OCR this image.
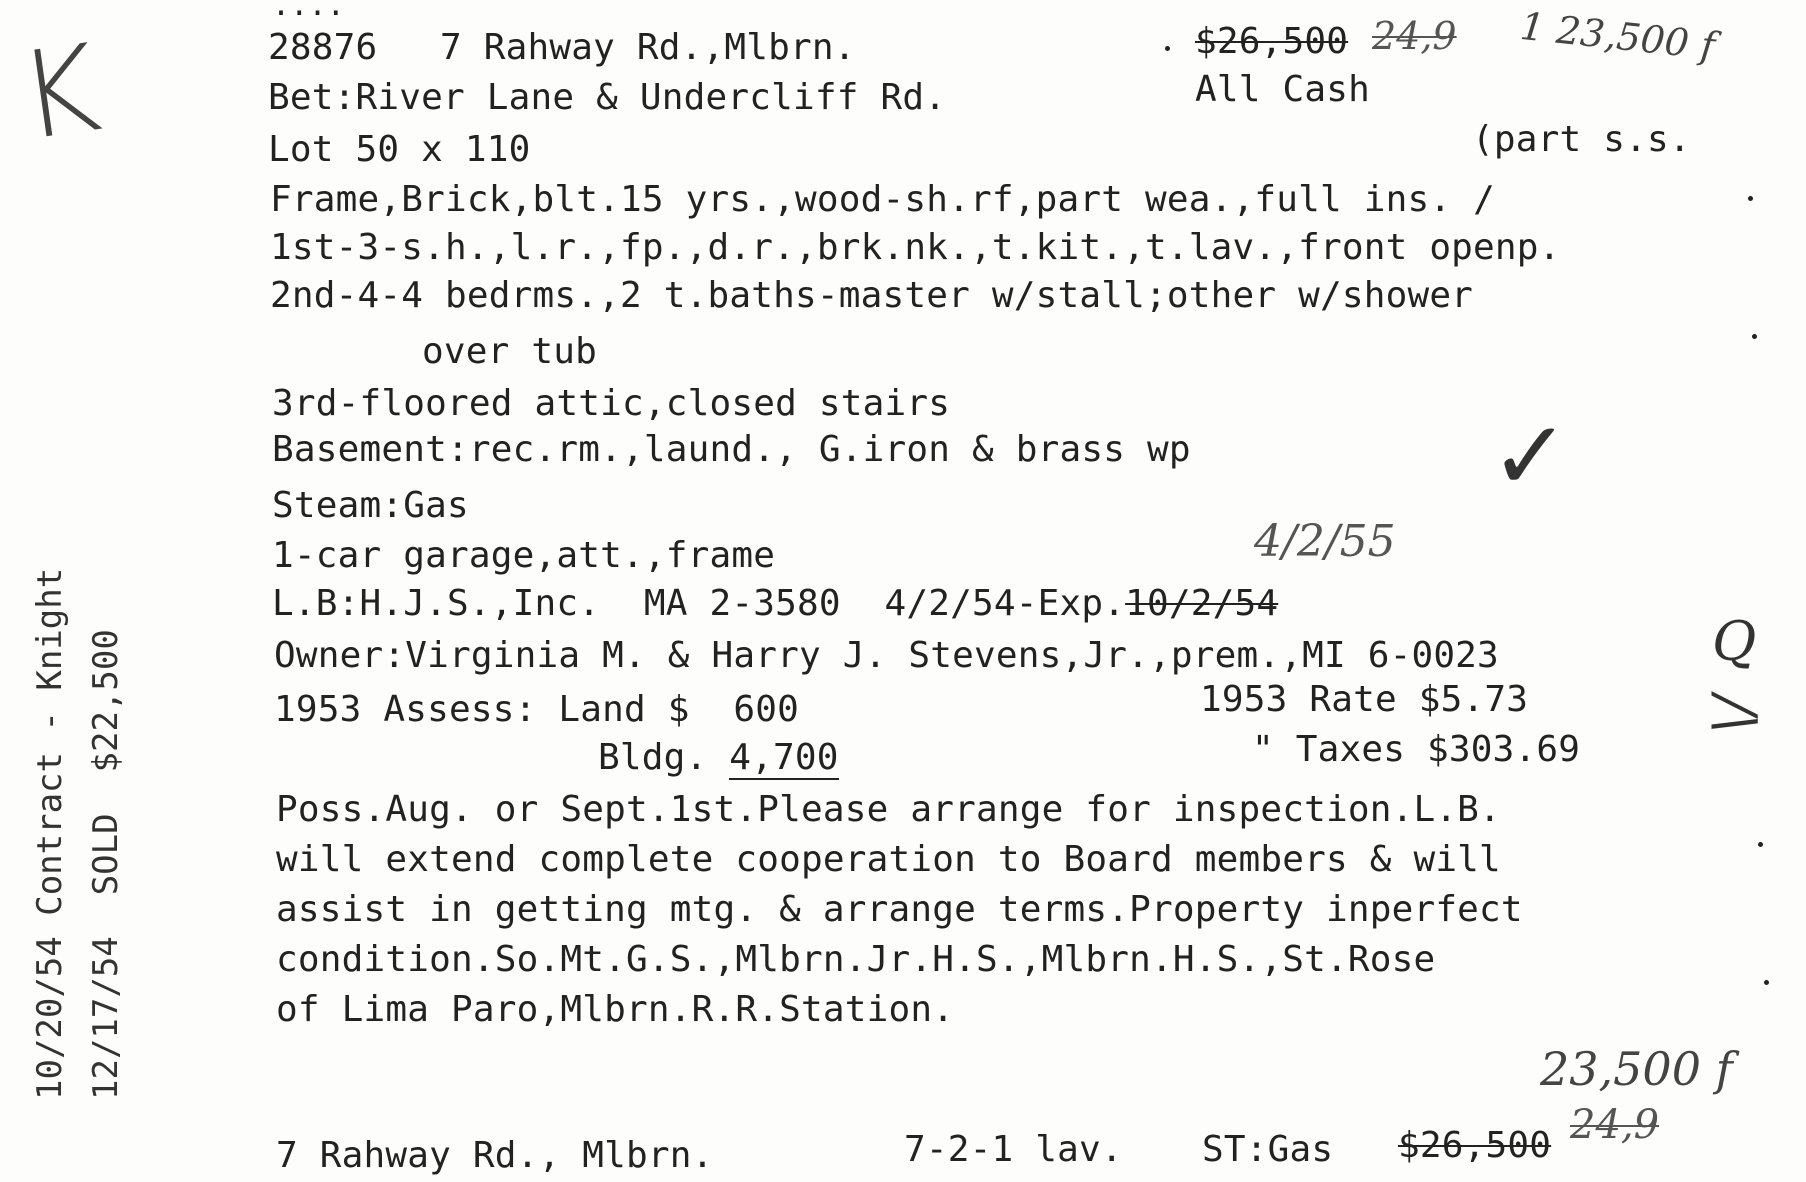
....
K	28876 7 Rahway Rd.,Mlbrn.	$26,500 24,9 1 23,500 f
Bet:River Lane & Undercliff Rd.	All Cash
Lot 50 x 110	(part s.s.
Frame,Brick,blt.15 yrs.,wood-sh.rf,part wea.,full ins. /
1st-3-s.h.,l.r.,fp.,d.r.,brk.nk.,t.kit.,t.lav.,front openp.
2nd-4-4 bedrms.,2 t.baths-master w/stall;other w/shower
over tub
3rd-floored attic,closed stairs
Basement:rec.rm.,laund., G.iron & brass wp	✓
Steam:Gas
1-car garage,att.,frame	4/2/55
L.B:H.J.S.,Inc.  MA 2-3580  4/2/54-Exp.10/2/54
Owner:Virginia M. & Harry J. Stevens,Jr.,prem.,MI 6-0023	Q
1953 Assess: Land $  600	1953 Rate $5.73	/\
Bldg. 4,700	" Taxes $303.69
Poss.Aug. or Sept.1st.Please arrange for inspection.L.B.
will extend complete cooperation to Board members & will
assist in getting mtg. & arrange terms.Property inperfect
condition.So.Mt.G.S.,Mlbrn.Jr.H.S.,Mlbrn.H.S.,St.Rose
of Lima Paro,Mlbrn.R.R.Station.
23,500 f
24,9
7 Rahway Rd., Mlbrn.	7-2-1 lav. ST:Gas $26,500
10/20/54 Contract - Knight 12/17/54  SOLD  $22,500
